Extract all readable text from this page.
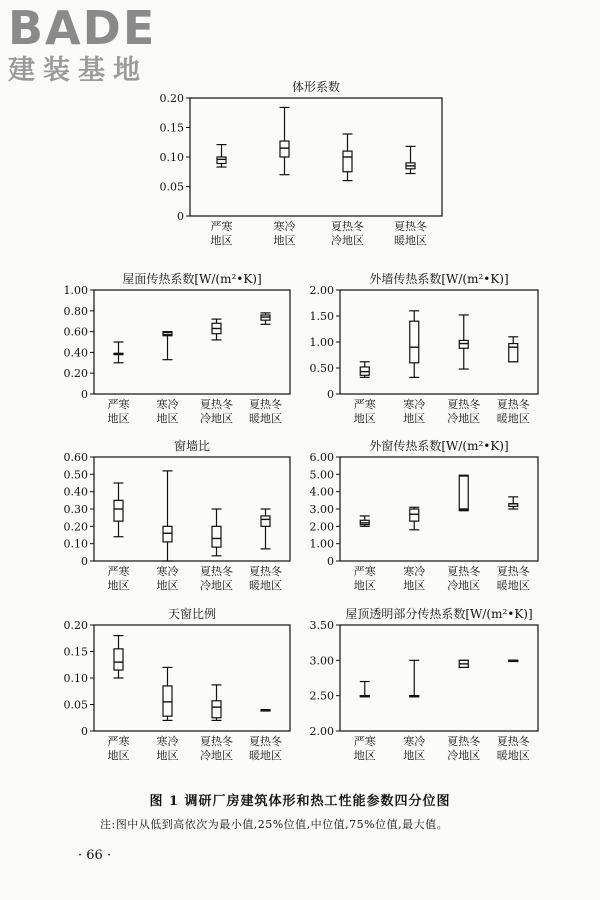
BADE
建装基地
体形系数
0
0.05
0.10
0.15
0.20
严寒
地区
寒冷
地区
夏热冬
冷地区
夏热冬
暖地区
屋面传热系数[W/(m²•K)]
0
0.20
0.40
0.60
0.80
1.00
严寒
地区
寒冷
地区
夏热冬
冷地区
夏热冬
暖地区
外墙传热系数[W/(m²•K)]
0
0.50
1.00
1.50
2.00
严寒
地区
寒冷
地区
夏热冬
冷地区
夏热冬
暖地区
窗墙比
0
0.10
0.20
0.30
0.40
0.50
0.60
严寒
地区
寒冷
地区
夏热冬
冷地区
夏热冬
暖地区
外窗传热系数[W/(m²•K)]
0
1.00
2.00
3.00
4.00
5.00
6.00
严寒
地区
寒冷
地区
夏热冬
冷地区
夏热冬
暖地区
天窗比例
0
0.05
0.10
0.15
0.20
严寒
地区
寒冷
地区
夏热冬
冷地区
夏热冬
暖地区
屋顶透明部分传热系数[W/(m²•K)]
2.00
2.50
3.00
3.50
严寒
地区
寒冷
地区
夏热冬
冷地区
夏热冬
暖地区
图 1 调研厂房建筑体形和热工性能参数四分位图
注:图中从低到高依次为最小值,25%位值,中位值,75%位值,最大值。
· 66 ·
